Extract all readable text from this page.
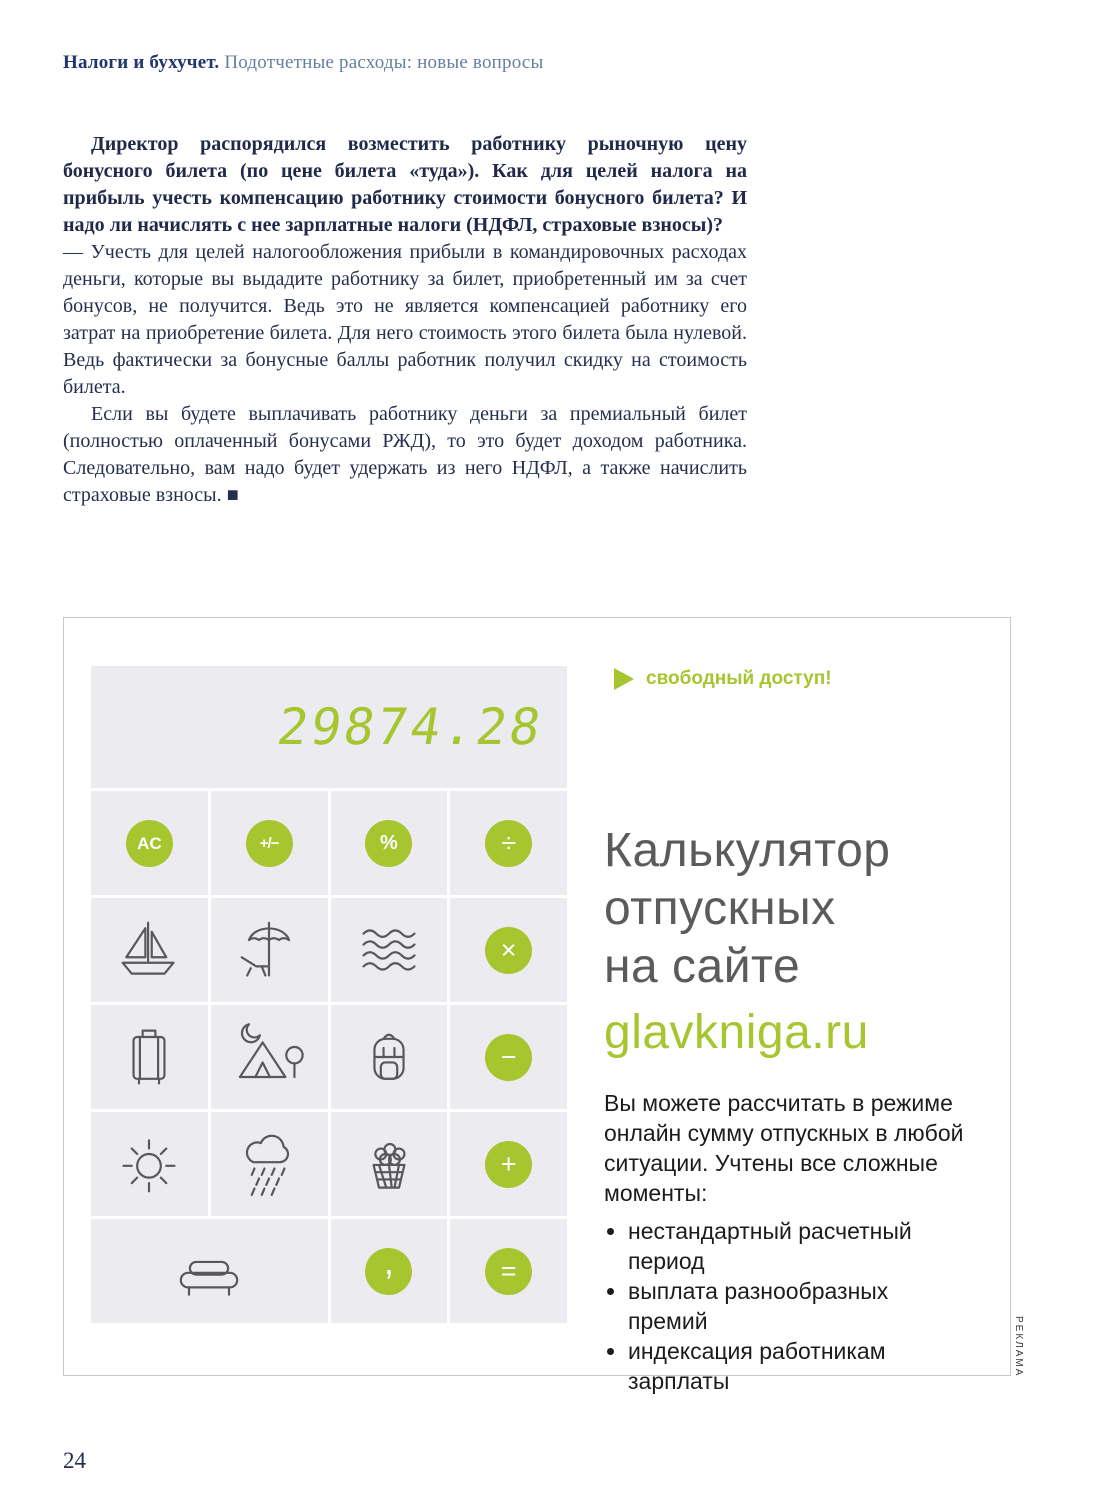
Налоги и бухучет. Подотчетные расходы: новые вопросы

Директор распорядился возместить работнику рыночную цену бонусного билета (по цене билета «туда»). Как для целей налога на прибыль учесть компенсацию работнику стоимости бонусного билета? И надо ли начислять с нее зарплатные налоги (НДФЛ, страховые взносы)?

— Учесть для целей налогообложения прибыли в командировочных расходах деньги, которые вы выдадите работнику за билет, приобретенный им за счет бонусов, не получится. Ведь это не является компенсацией работнику его затрат на приобретение билета. Для него стоимость этого билета была нулевой. Ведь фактически за бонусные баллы работник получил скидку на стоимость билета.

Если вы будете выплачивать работнику деньги за премиальный билет (полностью оплаченный бонусами РЖД), то это будет доходом работника. Следовательно, вам надо будет удержать из него НДФЛ, а также начислить страховые взносы. ■

29874.28
AC	+/−	%	÷
×
−
+
,	=
свободный доступ!
Калькулятор
отпускных
на сайте
glavkniga.ru
Вы можете рассчитать в режиме онлайн сумму отпускных в любой ситуации. Учтены все сложные моменты:
• нестандартный расчетный период
• выплата разнообразных премий
• индексация работникам зарплаты
РЕКЛАМА
24
